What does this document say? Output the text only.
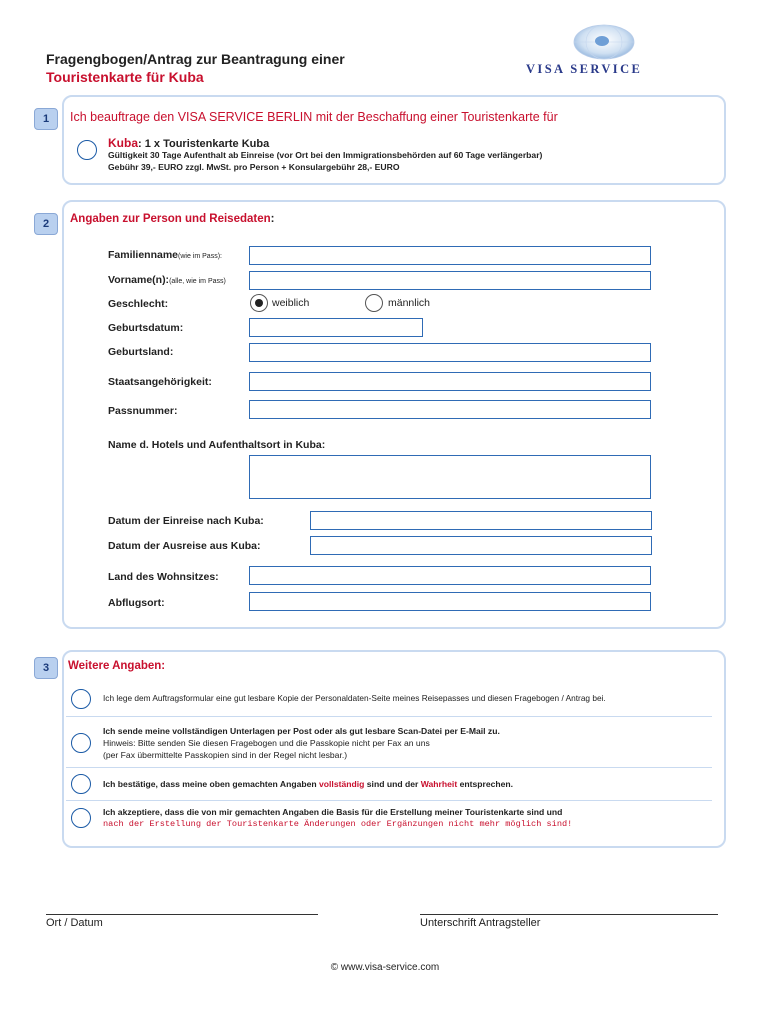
Fragengbogen/Antrag zur Beantragung einer
Touristenkarte für Kuba	VISA SERVICE
1	Ich beauftrage den VISA SERVICE BERLIN mit der Beschaffung einer Touristenkarte für
Kuba: 1 x Touristenkarte Kuba
Gültigkeit 30 Tage Aufenthalt ab Einreise (vor Ort bei den Immigrationsbehörden auf 60 Tage verlängerbar)
Gebühr 39,- EURO zzgl. MwSt. pro Person + Konsulargebühr 28,- EURO
2	Angaben zur Person und Reisedaten:
Familienname(wie im Pass):
Vorname(n):(alle, wie im Pass)
Geschlecht:	weiblich	männlich
Geburtsdatum:
Geburtsland:
Staatsangehörigkeit:
Passnummer:
Name d. Hotels und Aufenthaltsort in Kuba:
Datum der Einreise nach Kuba:
Datum der Ausreise aus Kuba:
Land des Wohnsitzes:
Abflugsort:
3	Weitere Angaben:
Ich lege dem Auftragsformular eine gut lesbare Kopie der Personaldaten-Seite meines Reisepasses und diesen Fragebogen / Antrag bei.
Ich sende meine vollständigen Unterlagen per Post oder als gut lesbare Scan-Datei per E-Mail zu.
Hinweis: Bitte senden Sie diesen Fragebogen und die Passkopie nicht per Fax an uns
(per Fax übermittelte Passkopien sind in der Regel nicht lesbar.)
Ich bestätige, dass meine oben gemachten Angaben vollständig sind und der Wahrheit entsprechen.
Ich akzeptiere, dass die von mir gemachten Angaben die Basis für die Erstellung meiner Touristenkarte sind und
nach der Erstellung der Touristenkarte Änderungen oder Ergänzungen nicht mehr möglich sind!
Ort / Datum	Unterschrift Antragsteller
© www.visa-service.com
